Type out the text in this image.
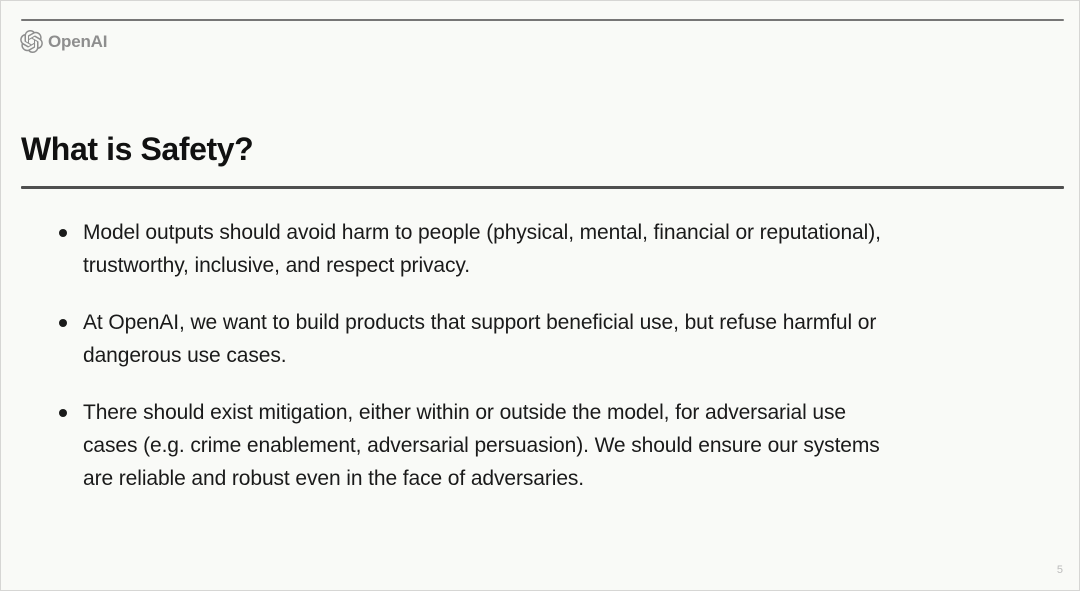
OpenAI
What is Safety?
Model outputs should avoid harm to people (physical, mental, financial or reputational),
trustworthy, inclusive, and respect privacy.
At OpenAI, we want to build products that support beneficial use, but refuse harmful or
dangerous use cases.
There should exist mitigation, either within or outside the model, for adversarial use
cases (e.g. crime enablement, adversarial persuasion). We should ensure our systems
are reliable and robust even in the face of adversaries.
5
